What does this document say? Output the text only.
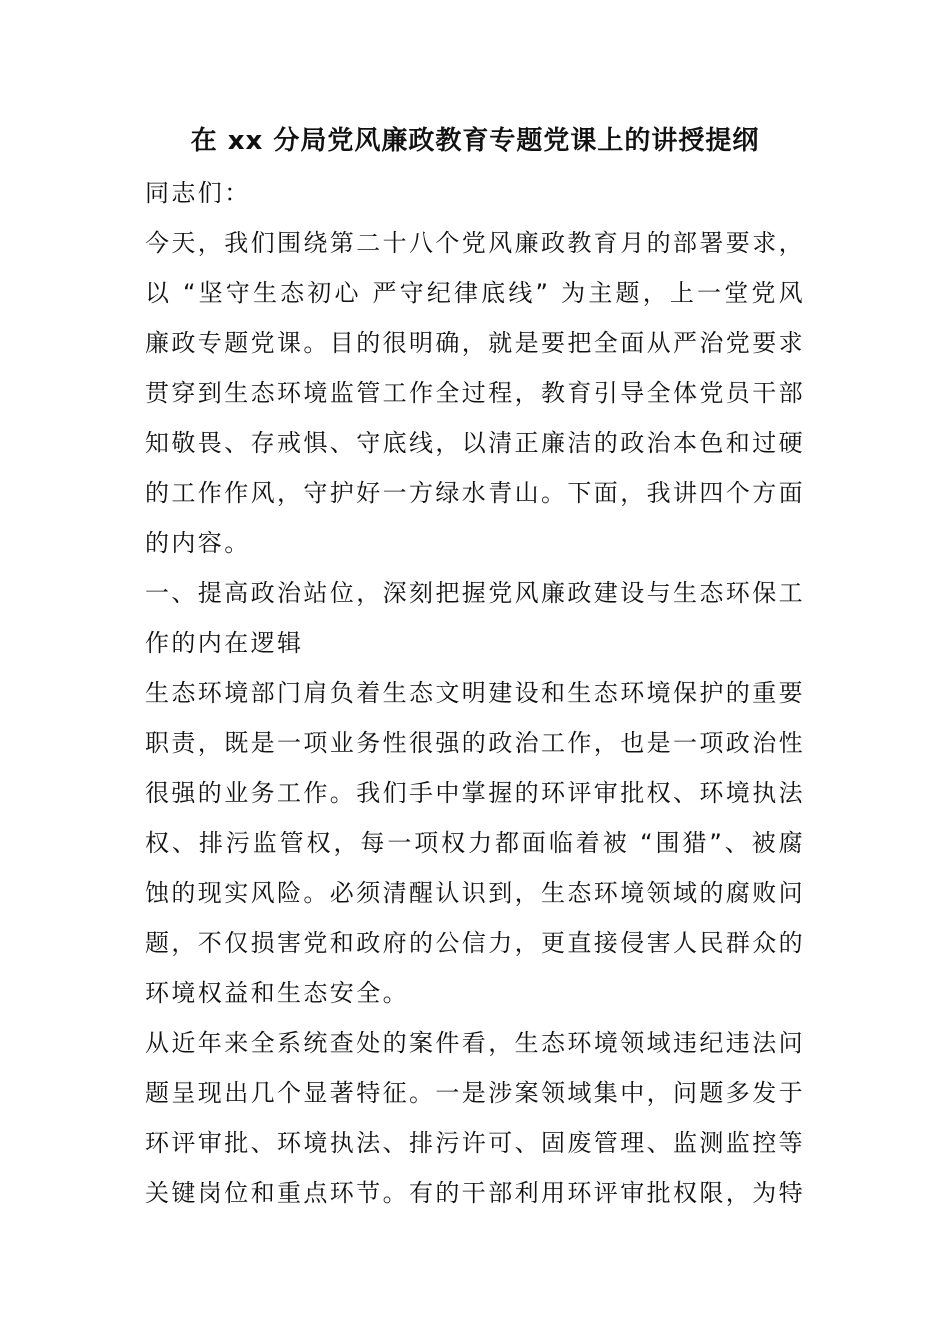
在 xx 分局党风廉政教育专题党课上的讲授提纲
同志们：
今天，我们围绕第二十八个党风廉政教育月的部署要求，
以 “坚守生态初心 严守纪律底线” 为主题，上一堂党风
廉政专题党课。目的很明确，就是要把全面从严治党要求
贯穿到生态环境监管工作全过程，教育引导全体党员干部
知敬畏、存戒惧、守底线，以清正廉洁的政治本色和过硬
的工作作风，守护好一方绿水青山。下面，我讲四个方面
的内容。
一、提高政治站位，深刻把握党风廉政建设与生态环保工
作的内在逻辑
生态环境部门肩负着生态文明建设和生态环境保护的重要
职责，既是一项业务性很强的政治工作，也是一项政治性
很强的业务工作。我们手中掌握的环评审批权、环境执法
权、排污监管权，每一项权力都面临着被 “围猎”、被腐
蚀的现实风险。必须清醒认识到，生态环境领域的腐败问
题，不仅损害党和政府的公信力，更直接侵害人民群众的
环境权益和生态安全。
从近年来全系统查处的案件看，生态环境领域违纪违法问
题呈现出几个显著特征。一是涉案领域集中，问题多发于
环评审批、环境执法、排污许可、固废管理、监测监控等
关键岗位和重点环节。有的干部利用环评审批权限，为特
